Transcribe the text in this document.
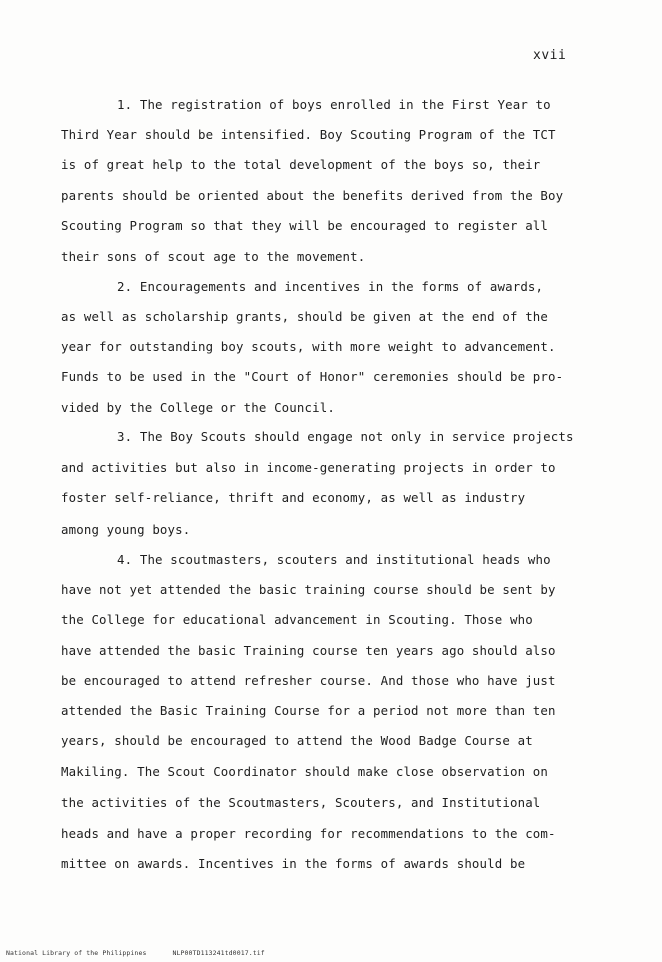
xvii
1. The registration of boys enrolled in the First Year to
Third Year should be intensified. Boy Scouting Program of the TCT
is of great help to the total development of the boys so, their
parents should be oriented about the benefits derived from the Boy
Scouting Program so that they will be encouraged to register all
their sons of scout age to the movement.
2. Encouragements and incentives in the forms of awards,
as well as scholarship grants, should be given at the end of the
year for outstanding boy scouts, with more weight to advancement.
Funds to be used in the "Court of Honor" ceremonies should be pro-
vided by the College or the Council.
3. The Boy Scouts should engage not only in service projects
and activities but also in income-generating projects in order to
foster self-reliance, thrift and economy, as well as industry
among young boys.
4. The scoutmasters, scouters and institutional heads who
have not yet attended the basic training course should be sent by
the College for educational advancement in Scouting. Those who
have attended the basic Training course ten years ago should also
be encouraged to attend refresher course. And those who have just
attended the Basic Training Course for a period not more than ten
years, should be encouraged to attend the Wood Badge Course at
Makiling. The Scout Coordinator should make close observation on
the activities of the Scoutmasters, Scouters, and Institutional
heads and have a proper recording for recommendations to the com-
mittee on awards. Incentives in the forms of awards should be
National Library of the Philippines	NLP00TD113241td0017.tif
